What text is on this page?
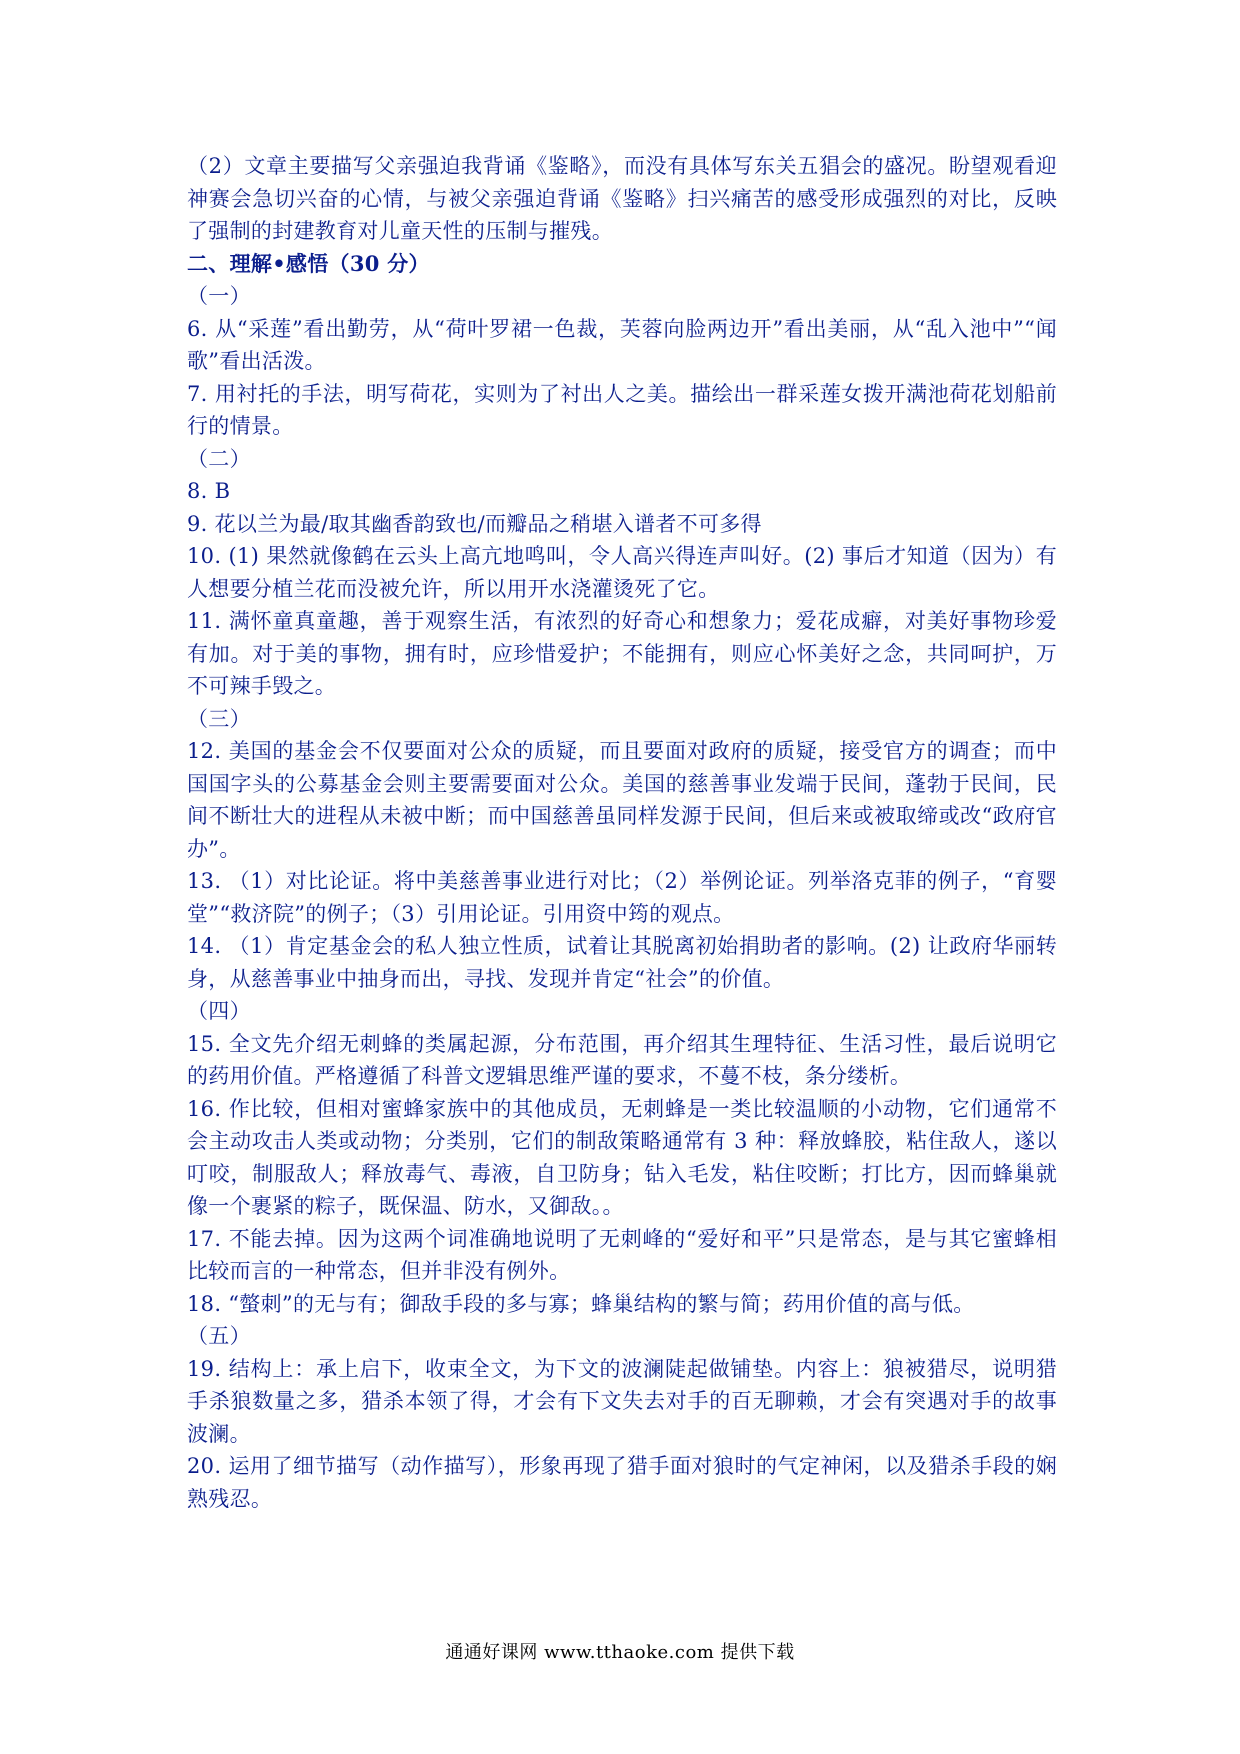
（2）文章主要描写父亲强迫我背诵《鉴略》，而没有具体写东关五猖会的盛况。盼望观看迎神赛会急切兴奋的心情，与被父亲强迫背诵《鉴略》扫兴痛苦的感受形成强烈的对比，反映了强制的封建教育对儿童天性的压制与摧残。

二、理解•感悟（30 分）

（一）

6. 从“采莲”看出勤劳，从“荷叶罗裙一色裁，芙蓉向脸两边开”看出美丽，从“乱入池中”“闻歌”看出活泼。

7. 用衬托的手法，明写荷花，实则为了衬出人之美。描绘出一群采莲女拨开满池荷花划船前行的情景。

（二）

8. B

9. 花以兰为最/取其幽香韵致也/而瓣品之稍堪入谱者不可多得

10. (1) 果然就像鹤在云头上高亢地鸣叫，令人高兴得连声叫好。(2) 事后才知道（因为）有人想要分植兰花而没被允许，所以用开水浇灌烫死了它。

11. 满怀童真童趣，善于观察生活，有浓烈的好奇心和想象力；爱花成癖，对美好事物珍爱有加。对于美的事物，拥有时，应珍惜爱护；不能拥有，则应心怀美好之念，共同呵护，万不可辣手毁之。

（三）

12. 美国的基金会不仅要面对公众的质疑，而且要面对政府的质疑，接受官方的调查；而中国国字头的公募基金会则主要需要面对公众。美国的慈善事业发端于民间，蓬勃于民间，民间不断壮大的进程从未被中断；而中国慈善虽同样发源于民间，但后来或被取缔或改“政府官办”。

13. （1）对比论证。将中美慈善事业进行对比；（2）举例论证。列举洛克菲的例子，“育婴堂”“救济院”的例子；（3）引用论证。引用资中筠的观点。

14. （1）肯定基金会的私人独立性质，试着让其脱离初始捐助者的影响。(2) 让政府华丽转身，从慈善事业中抽身而出，寻找、发现并肯定“社会”的价值。

（四）

15. 全文先介绍无刺蜂的类属起源，分布范围，再介绍其生理特征、生活习性，最后说明它的药用价值。严格遵循了科普文逻辑思维严谨的要求，不蔓不枝，条分缕析。

16. 作比较，但相对蜜蜂家族中的其他成员，无刺蜂是一类比较温顺的小动物，它们通常不会主动攻击人类或动物；分类别，它们的制敌策略通常有 3 种：释放蜂胶，粘住敌人，遂以叮咬，制服敌人；释放毒气、毒液，自卫防身；钻入毛发，粘住咬断；打比方，因而蜂巢就像一个裹紧的粽子，既保温、防水，又御敌。。

17. 不能去掉。因为这两个词准确地说明了无刺峰的“爱好和平”只是常态，是与其它蜜蜂相比较而言的一种常态，但并非没有例外。

18. “螫刺”的无与有；御敌手段的多与寡；蜂巢结构的繁与简；药用价值的高与低。

（五）

19. 结构上：承上启下，收束全文，为下文的波澜陡起做铺垫。内容上：狼被猎尽，说明猎手杀狼数量之多，猎杀本领了得，才会有下文失去对手的百无聊赖，才会有突遇对手的故事波澜。

20. 运用了细节描写（动作描写），形象再现了猎手面对狼时的气定神闲，以及猎杀手段的娴熟残忍。

通通好课网 www.tthaoke.com 提供下载
